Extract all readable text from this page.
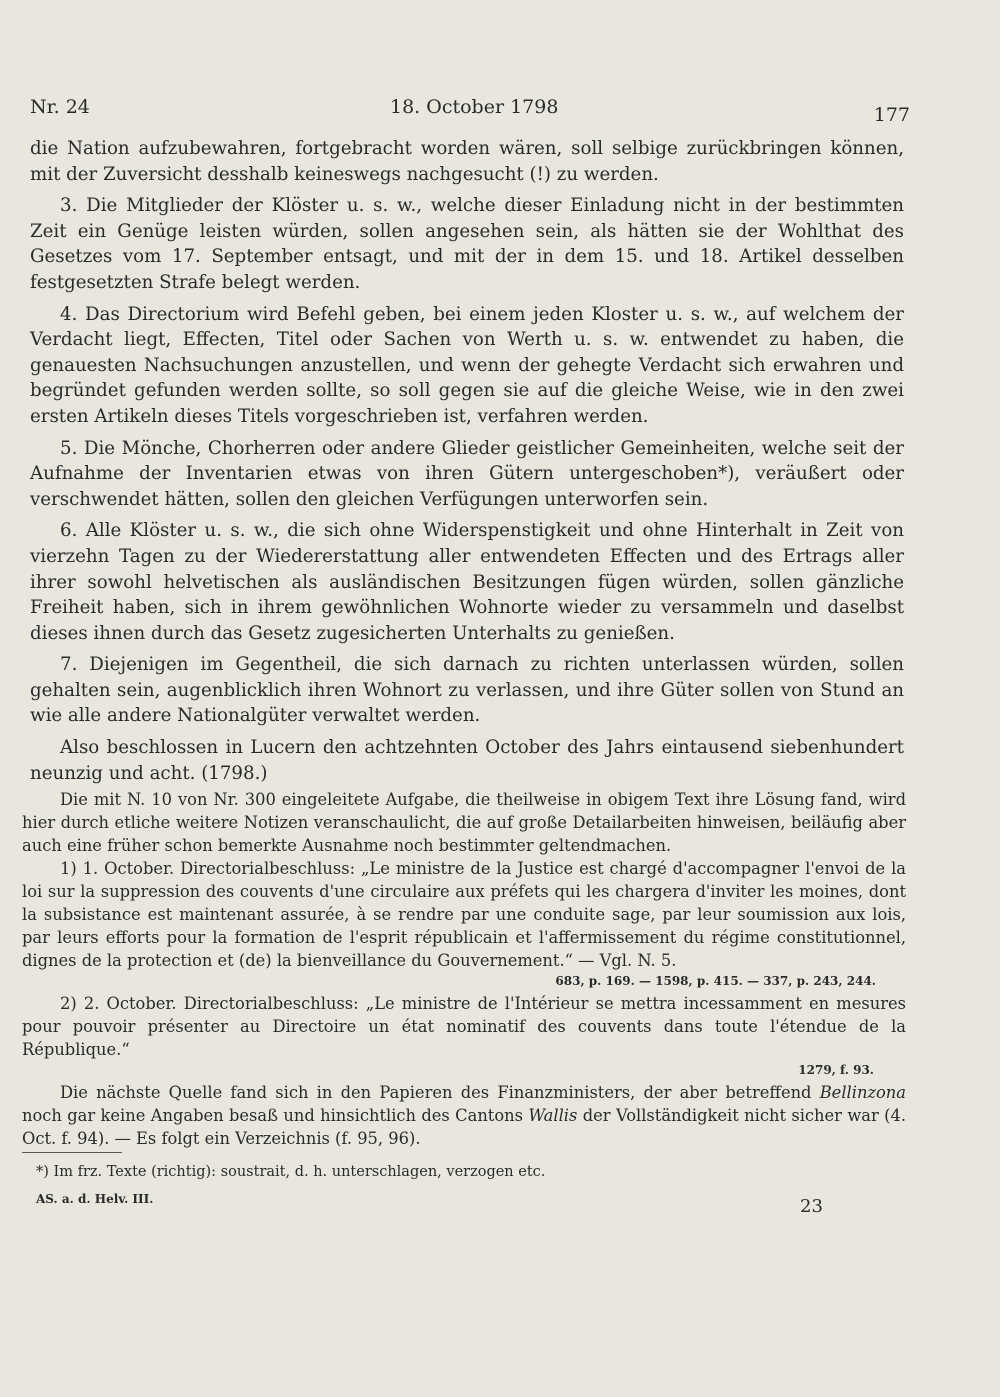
Nr. 24	18. October 1798	177

die Nation aufzubewahren, fortgebracht worden wären, soll selbige zurückbringen können, mit der Zuversicht desshalb keineswegs nachgesucht (!) zu werden.

3. Die Mitglieder der Klöster u. s. w., welche dieser Einladung nicht in der bestimmten Zeit ein Genüge leisten würden, sollen angesehen sein, als hätten sie der Wohlthat des Gesetzes vom 17. September entsagt, und mit der in dem 15. und 18. Artikel desselben festgesetzten Strafe belegt werden.

4. Das Directorium wird Befehl geben, bei einem jeden Kloster u. s. w., auf welchem der Verdacht liegt, Effecten, Titel oder Sachen von Werth u. s. w. entwendet zu haben, die genauesten Nachsuchungen anzustellen, und wenn der gehegte Verdacht sich erwahren und begründet gefunden werden sollte, so soll gegen sie auf die gleiche Weise, wie in den zwei ersten Artikeln dieses Titels vorgeschrieben ist, verfahren werden.

5. Die Mönche, Chorherren oder andere Glieder geistlicher Gemeinheiten, welche seit der Aufnahme der Inventarien etwas von ihren Gütern untergeschoben*), veräußert oder verschwendet hätten, sollen den gleichen Verfügungen unterworfen sein.

6. Alle Klöster u. s. w., die sich ohne Widerspenstigkeit und ohne Hinterhalt in Zeit von vierzehn Tagen zu der Wiedererstattung aller entwendeten Effecten und des Ertrags aller ihrer sowohl helvetischen als ausländischen Besitzungen fügen würden, sollen gänzliche Freiheit haben, sich in ihrem gewöhnlichen Wohnorte wieder zu versammeln und daselbst dieses ihnen durch das Gesetz zugesicherten Unterhalts zu genießen.

7. Diejenigen im Gegentheil, die sich darnach zu richten unterlassen würden, sollen gehalten sein, augenblicklich ihren Wohnort zu verlassen, und ihre Güter sollen von Stund an wie alle andere Nationalgüter verwaltet werden.

Also beschlossen in Lucern den achtzehnten October des Jahrs eintausend siebenhundert neunzig und acht. (1798.)

Die mit N. 10 von Nr. 300 eingeleitete Aufgabe, die theilweise in obigem Text ihre Lösung fand, wird hier durch etliche weitere Notizen veranschaulicht, die auf große Detailarbeiten hinweisen, beiläufig aber auch eine früher schon bemerkte Ausnahme noch bestimmter geltendmachen.

1) 1. October. Directorialbeschluss: „Le ministre de la Justice est chargé d'accompagner l'envoi de la loi sur la suppression des couvents d'une circulaire aux préfets qui les chargera d'inviter les moines, dont la subsistance est maintenant assurée, à se rendre par une conduite sage, par leur soumission aux lois, par leurs efforts pour la formation de l'esprit républicain et l'affermissement du régime constitutionnel, dignes de la protection et (de) la bienveillance du Gouvernement.“ — Vgl. N. 5.

683, p. 169. — 1598, p. 415. — 337, p. 243, 244.

2) 2. October. Directorialbeschluss: „Le ministre de l'Intérieur se mettra incessamment en mesures pour pouvoir présenter au Directoire un état nominatif des couvents dans toute l'étendue de la République.“

1279, f. 93.

Die nächste Quelle fand sich in den Papieren des Finanzministers, der aber betreffend Bellinzona noch gar keine Angaben besaß und hinsichtlich des Cantons Wallis der Vollständigkeit nicht sicher war (4. Oct. f. 94). — Es folgt ein Verzeichnis (f. 95, 96).

*) Im frz. Texte (richtig): soustrait, d. h. unterschlagen, verzogen etc.
AS. a. d. Helv. III.	23
